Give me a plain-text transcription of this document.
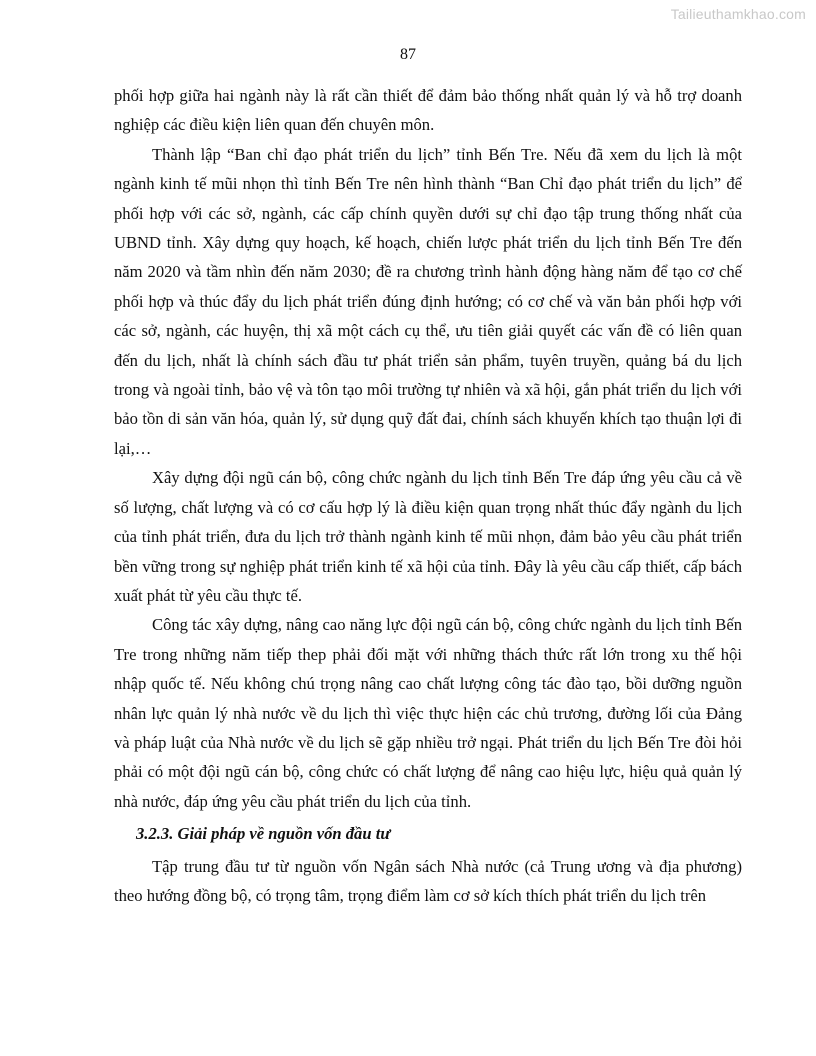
Tailieuthamkhao.com
87

phối hợp giữa hai ngành này là rất cần thiết để đảm bảo thống nhất quản lý và hỗ trợ doanh nghiệp các điều kiện liên quan đến chuyên môn.

Thành lập “Ban chỉ đạo phát triển du lịch” tỉnh Bến Tre. Nếu đã xem du lịch là một ngành kinh tế mũi nhọn thì tỉnh Bến Tre nên hình thành “Ban Chỉ đạo phát triển du lịch” để phối hợp với các sở, ngành, các cấp chính quyền dưới sự chỉ đạo tập trung thống nhất của UBND tỉnh. Xây dựng quy hoạch, kế hoạch, chiến lược phát triển du lịch tỉnh Bến Tre đến năm 2020 và tầm nhìn đến năm 2030; đề ra chương trình hành động hàng năm để tạo cơ chế phối hợp và thúc đẩy du lịch phát triển đúng định hướng; có cơ chế và văn bản phối hợp với các sở, ngành, các huyện, thị xã một cách cụ thể, ưu tiên giải quyết các vấn đề có liên quan đến du lịch, nhất là chính sách đầu tư phát triển sản phẩm, tuyên truyền, quảng bá du lịch trong và ngoài tỉnh, bảo vệ và tôn tạo môi trường tự nhiên và xã hội, gắn phát triển du lịch với bảo tồn di sản văn hóa, quản lý, sử dụng quỹ đất đai, chính sách khuyến khích tạo thuận lợi đi lại,…

Xây dựng đội ngũ cán bộ, công chức ngành du lịch tỉnh Bến Tre đáp ứng yêu cầu cả về số lượng, chất lượng và có cơ cấu hợp lý là điều kiện quan trọng nhất thúc đẩy ngành du lịch của tỉnh phát triển, đưa du lịch trở thành ngành kinh tế mũi nhọn, đảm bảo yêu cầu phát triển bền vững trong sự nghiệp phát triển kinh tế xã hội của tỉnh. Đây là yêu cầu cấp thiết, cấp bách xuất phát từ yêu cầu thực tế.

Công tác xây dựng, nâng cao năng lực đội ngũ cán bộ, công chức ngành du lịch tỉnh Bến Tre trong những năm tiếp thep phải đối mặt với những thách thức rất lớn trong xu thế hội nhập quốc tế. Nếu không chú trọng nâng cao chất lượng công tác đào tạo, bồi dưỡng nguồn nhân lực quản lý nhà nước về du lịch thì việc thực hiện các chủ trương, đường lối của Đảng và pháp luật của Nhà nước về du lịch sẽ gặp nhiều trở ngại. Phát triển du lịch Bến Tre đòi hỏi phải có một đội ngũ cán bộ, công chức có chất lượng để nâng cao hiệu lực, hiệu quả quản lý nhà nước, đáp ứng yêu cầu phát triển du lịch của tỉnh.

3.2.3. Giải pháp về nguồn vốn đầu tư

Tập trung đầu tư từ nguồn vốn Ngân sách Nhà nước (cả Trung ương và địa phương) theo hướng đồng bộ, có trọng tâm, trọng điểm làm cơ sở kích thích phát triển du lịch trên
